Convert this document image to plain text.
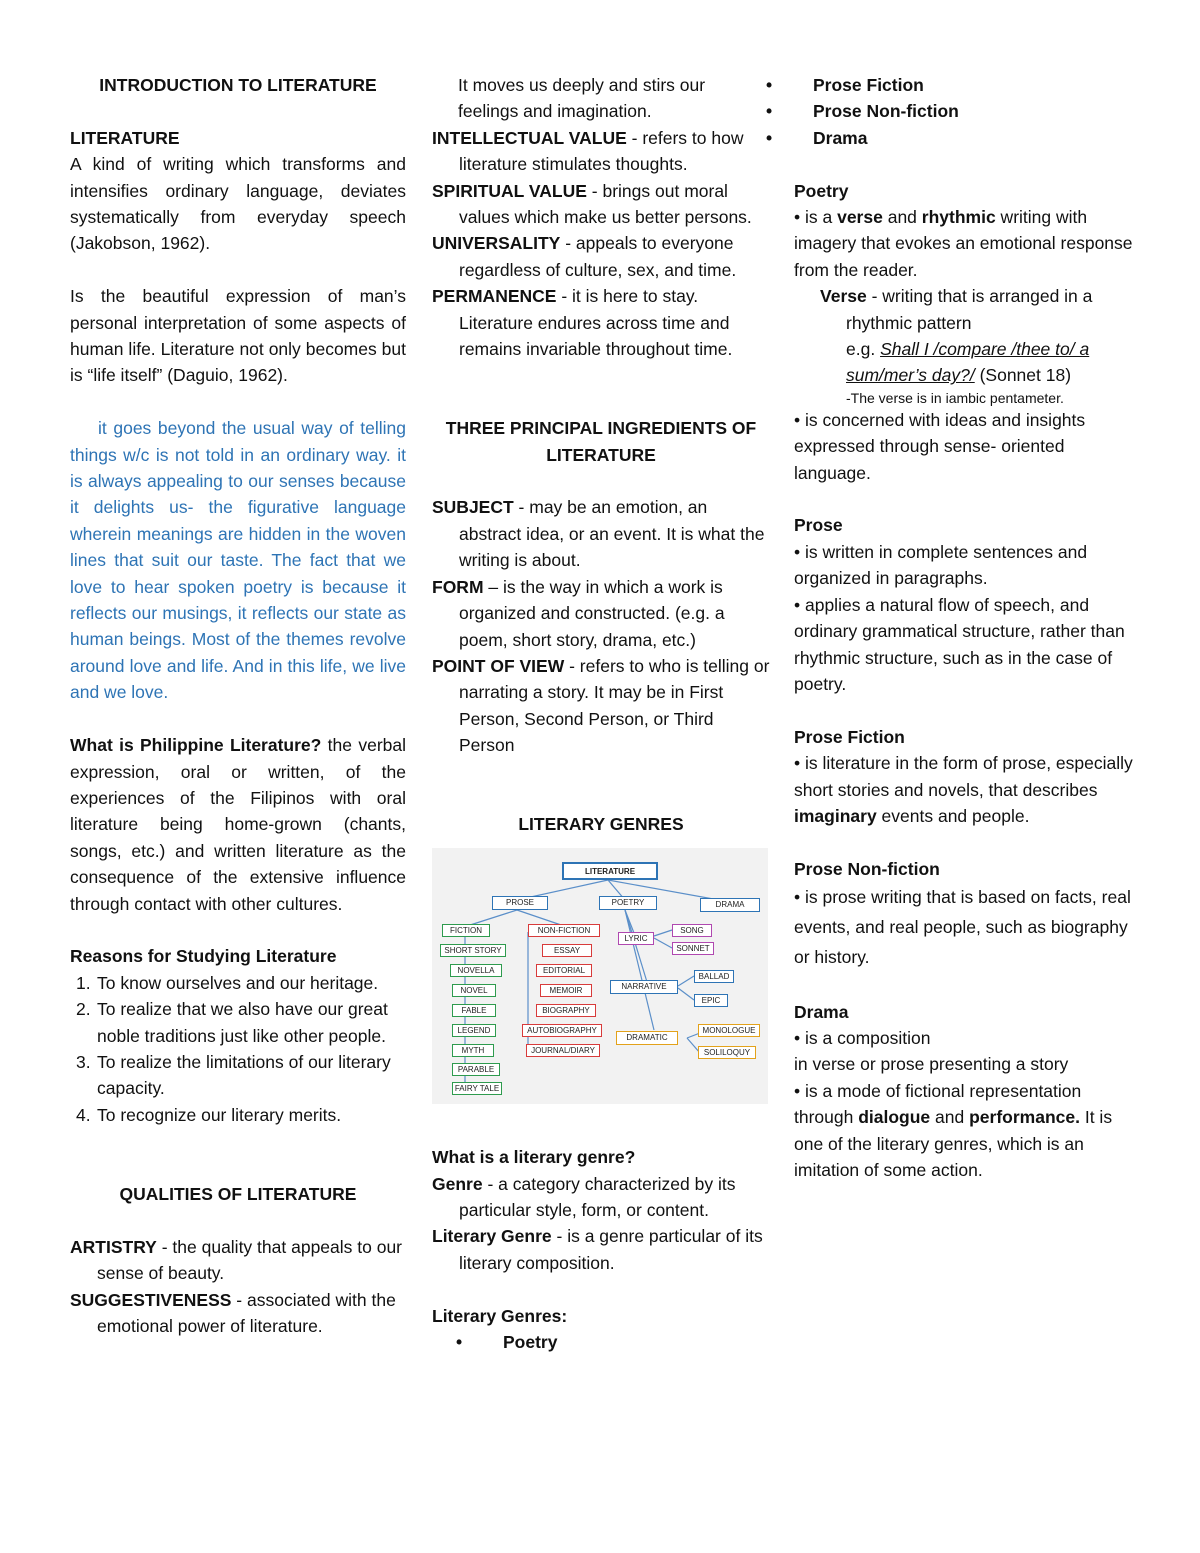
INTRODUCTION TO LITERATURE

LITERATURE

A kind of writing which transforms and intensifies ordinary language, deviates systematically from everyday speech (Jakobson, 1962).

Is the beautiful expression of man’s personal interpretation of some aspects of human life. Literature not only becomes but is “life itself” (Daguio, 1962).

it goes beyond the usual way of telling things w/c is not told in an ordinary way. it is always appealing to our senses because it delights us- the figurative language wherein meanings are hidden in the woven lines that suit our taste. The fact that we love to hear spoken poetry is because it reflects our musings, it reflects our state as human beings. Most of the themes revolve around love and life. And in this life, we live and we love.

What is Philippine Literature? the verbal expression, oral or written, of the experiences of the Filipinos with oral literature being home-grown (chants, songs, etc.) and written literature as the consequence of the extensive influence through contact with other cultures.

Reasons for Studying Literature

1. To know ourselves and our heritage.

2. To realize that we also have our great noble traditions just like other people.

3. To realize the limitations of our literary capacity.

4. To recognize our literary merits.

QUALITIES OF LITERATURE

ARTISTRY - the quality that appeals to our sense of beauty.

SUGGESTIVENESS - associated with the emotional power of literature.

It moves us deeply and stirs our feelings and imagination.

INTELLECTUAL VALUE - refers to how literature stimulates thoughts.

SPIRITUAL VALUE - brings out moral values which make us better persons.

UNIVERSALITY - appeals to everyone regardless of culture, sex, and time.

PERMANENCE - it is here to stay. Literature endures across time and remains invariable throughout time.

THREE PRINCIPAL INGREDIENTS OF LITERATURE

SUBJECT - may be an emotion, an abstract idea, or an event. It is what the writing is about.

FORM – is the way in which a work is organized and constructed. (e.g. a poem, short story, drama, etc.)

POINT OF VIEW - refers to who is telling or narrating a story. It may be in First Person, Second Person, or Third Person

LITERARY GENRES

LITERATURE
PROSE	POETRY	DRAMA
FICTION
SHORT STORY
NOVELLA
NOVEL
FABLE
LEGEND
MYTH
PARABLE
FAIRY TALE
NON-FICTION
ESSAY
EDITORIAL
MEMOIR
BIOGRAPHY
AUTOBIOGRAPHY
JOURNAL/DIARY
LYRIC
SONG
SONNET
NARRATIVE
BALLAD
EPIC
DRAMATIC
MONOLOGUE
SOLILOQUY

What is a literary genre?

Genre - a category characterized by its particular style, form, or content.

Literary Genre - is a genre particular of its literary composition.

Literary Genres:

• Poetry
• Prose Fiction
• Prose Non-fiction
• Drama

Poetry

• is a verse and rhythmic writing with imagery that evokes an emotional response from the reader.

Verse - writing that is arranged in a rhythmic pattern

e.g. Shall I /compare /thee to/ a sum/mer’s day?/ (Sonnet 18)

-The verse is in iambic pentameter.

• is concerned with ideas and insights expressed through sense- oriented language.

Prose

• is written in complete sentences and organized in paragraphs.

• applies a natural flow of speech, and ordinary grammatical structure, rather than rhythmic structure, such as in the case of poetry.

Prose Fiction

• is literature in the form of prose, especially short stories and novels, that describes imaginary events and people.

Prose Non-fiction

• is prose writing that is based on facts, real events, and real people, such as biography or history.

Drama

• is a composition

in verse or prose presenting a story

• is a mode of fictional representation through dialogue and performance. It is one of the literary genres, which is an imitation of some action.
